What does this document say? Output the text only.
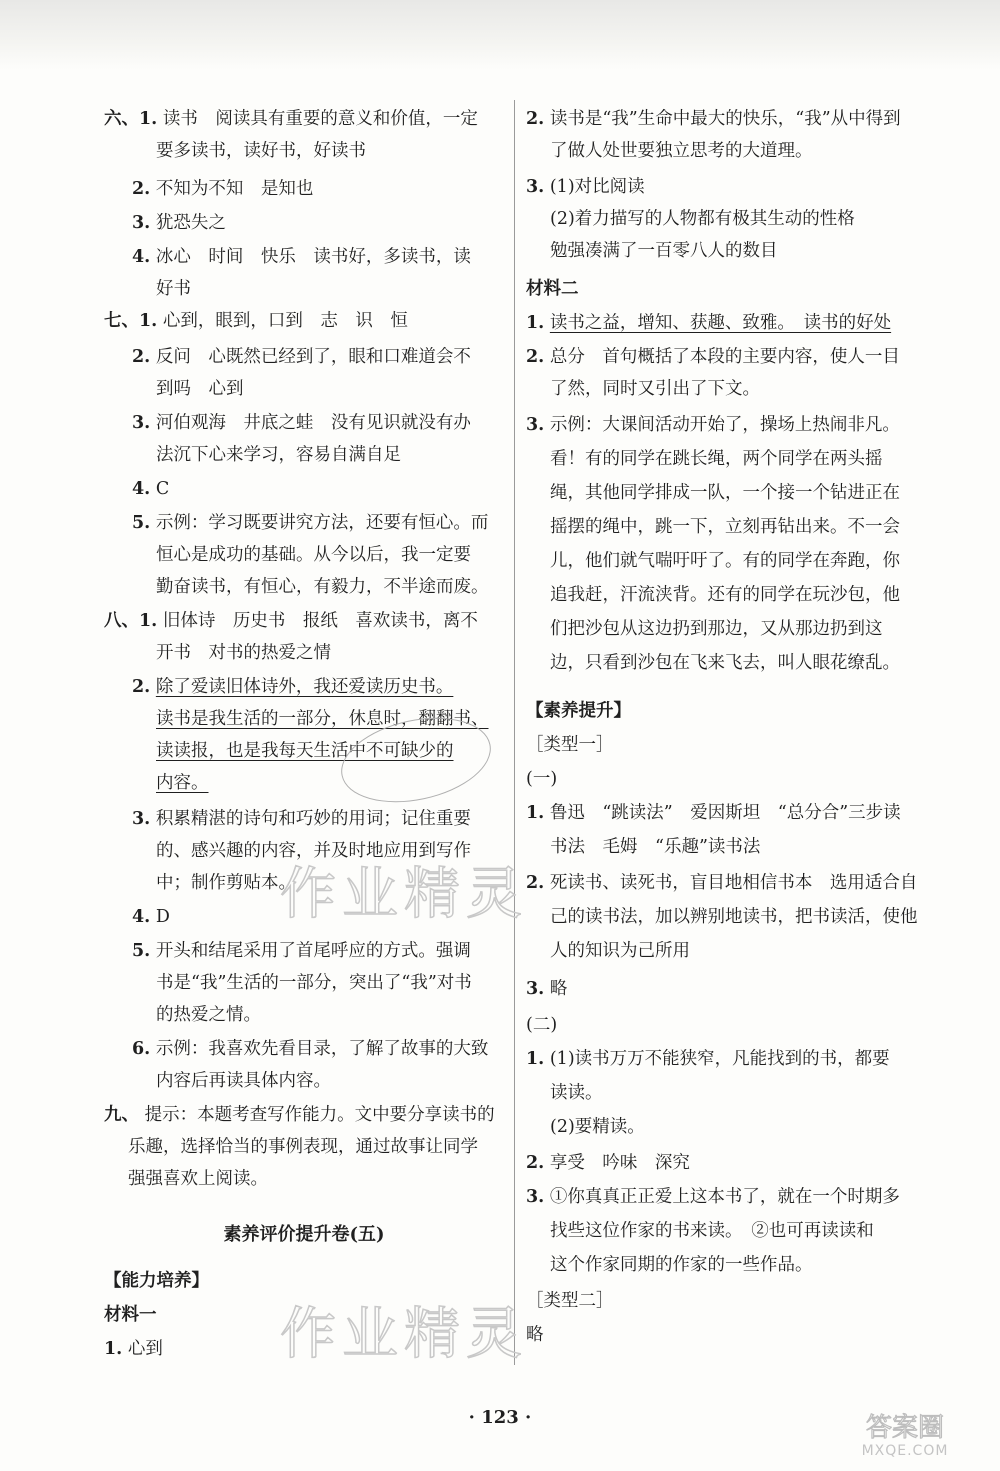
六、1. 读书　阅读具有重要的意义和价值，一定
要多读书，读好书，好读书
2. 不知为不知　是知也
3. 犹恐失之
4. 冰心　时间　快乐　读书好，多读书，读
好书
七、1. 心到，眼到，口到　志　识　恒
2. 反问　心既然已经到了，眼和口难道会不
到吗　心到
3. 河伯观海　井底之蛙　没有见识就没有办
法沉下心来学习，容易自满自足
4. C
5. 示例：学习既要讲究方法，还要有恒心。而
恒心是成功的基础。从今以后，我一定要
勤奋读书，有恒心，有毅力，不半途而废。
八、1. 旧体诗　历史书　报纸　喜欢读书，离不
开书　对书的热爱之情
2. 除了爱读旧体诗外，我还爱读历史书。
读书是我生活的一部分，休息时，翻翻书、
读读报，也是我每天生活中不可缺少的
内容。
3. 积累精湛的诗句和巧妙的用词；记住重要
的、感兴趣的内容，并及时地应用到写作
中；制作剪贴本。
4. D
5. 开头和结尾采用了首尾呼应的方式。强调
书是“我”生活的一部分，突出了“我”对书
的热爱之情。
6. 示例：我喜欢先看目录，了解了故事的大致
内容后再读具体内容。
九、 提示：本题考查写作能力。文中要分享读书的
乐趣，选择恰当的事例表现，通过故事让同学
强强喜欢上阅读。
素养评价提升卷(五)
【能力培养】
材料一
1. 心到
2. 读书是“我”生命中最大的快乐，“我”从中得到
了做人处世要独立思考的大道理。
3. (1)对比阅读
(2)着力描写的人物都有极其生动的性格
勉强凑满了一百零八人的数目
材料二
1. 读书之益，增知、获趣、致雅。　读书的好处
2. 总分　首句概括了本段的主要内容，使人一目
了然，同时又引出了下文。
3. 示例：大课间活动开始了，操场上热闹非凡。
看！有的同学在跳长绳，两个同学在两头摇
绳，其他同学排成一队，一个接一个钻进正在
摇摆的绳中，跳一下，立刻再钻出来。不一会
儿，他们就气喘吁吁了。有的同学在奔跑，你
追我赶，汗流浃背。还有的同学在玩沙包，他
们把沙包从这边扔到那边，又从那边扔到这
边，只看到沙包在飞来飞去，叫人眼花缭乱。
【素养提升】
［类型一］
(一)
1. 鲁迅　“跳读法”　爱因斯坦　“总分合”三步读
书法　毛姆　“乐趣”读书法
2. 死读书、读死书，盲目地相信书本　选用适合自
己的读书法，加以辨别地读书，把书读活，使他
人的知识为己所用
3. 略
(二)
1. (1)读书万万不能狭窄，凡能找到的书，都要
读读。
(2)要精读。
2. 享受　吟味　深究
3. ①你真真正正爱上这本书了，就在一个时期多
找些这位作家的书来读。　②也可再读读和
这个作家同期的作家的一些作品。
［类型二］
略
作业精灵
作业精灵
· 123 ·	答案圈
MXQE.COM
